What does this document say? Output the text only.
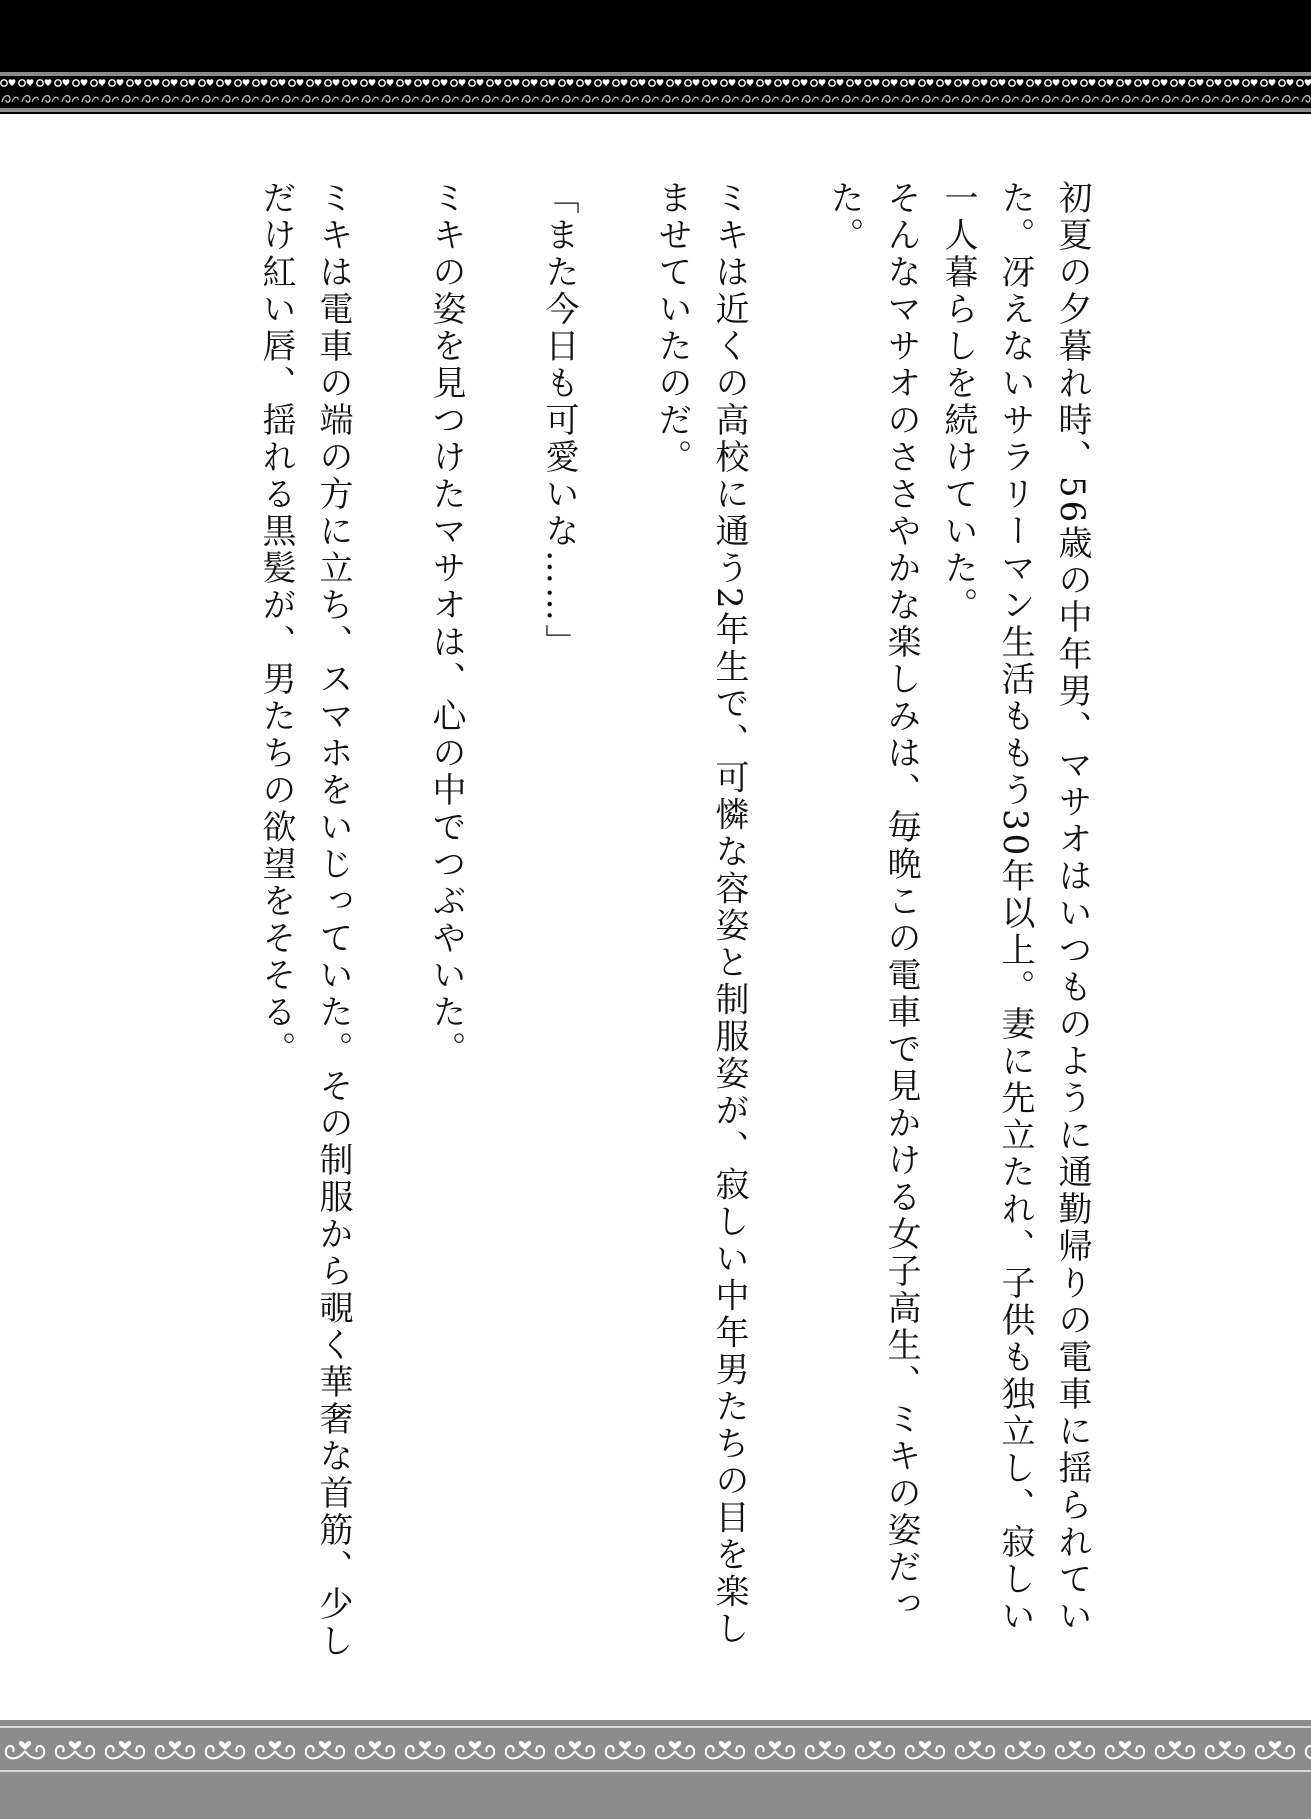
初夏の夕暮れ時、56歳の中年男、マサオはいつものように通勤帰りの電車に揺られていた。冴えないサラリーマン生活ももう30年以上。妻に先立たれ、子供も独立し、寂しい一人暮らしを続けていた。

そんなマサオのささやかな楽しみは、毎晩この電車で見かける女子高生、ミキの姿だった。

ミキは近くの高校に通う2年生で、可憐な容姿と制服姿が、寂しい中年男たちの目を楽しませていたのだ。

「また今日も可愛いな……」

ミキの姿を見つけたマサオは、心の中でつぶやいた。

ミキは電車の端の方に立ち、スマホをいじっていた。その制服から覗く華奢な首筋、少しだけ紅い唇、揺れる黒髪が、男たちの欲望をそそる。
